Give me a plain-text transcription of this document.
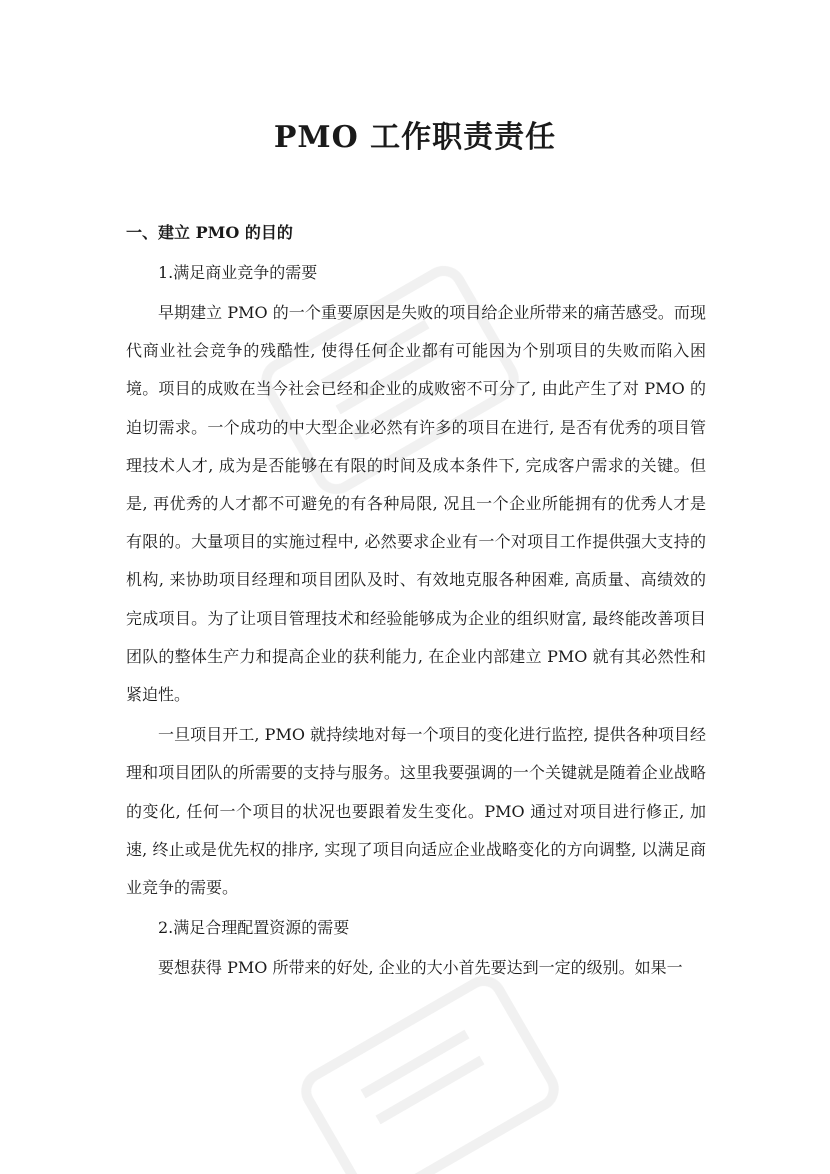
PMO 工作职责责任

一、建立 PMO 的目的

1.满足商业竞争的需要

早期建立 PMO 的一个重要原因是失败的项目给企业所带来的痛苦感受。而现代商业社会竞争的残酷性, 使得任何企业都有可能因为个别项目的失败而陷入困境。项目的成败在当今社会已经和企业的成败密不可分了, 由此产生了对 PMO 的迫切需求。一个成功的中大型企业必然有许多的项目在进行, 是否有优秀的项目管理技术人才, 成为是否能够在有限的时间及成本条件下, 完成客户需求的关键。但是, 再优秀的人才都不可避免的有各种局限, 况且一个企业所能拥有的优秀人才是有限的。大量项目的实施过程中, 必然要求企业有一个对项目工作提供强大支持的机构, 来协助项目经理和项目团队及时、有效地克服各种困难, 高质量、高绩效的完成项目。为了让项目管理技术和经验能够成为企业的组织财富, 最终能改善项目团队的整体生产力和提高企业的获利能力, 在企业内部建立 PMO 就有其必然性和紧迫性。

一旦项目开工, PMO 就持续地对每一个项目的变化进行监控, 提供各种项目经理和项目团队的所需要的支持与服务。这里我要强调的一个关键就是随着企业战略的变化, 任何一个项目的状况也要跟着发生变化。PMO 通过对项目进行修正, 加速, 终止或是优先权的排序, 实现了项目向适应企业战略变化的方向调整, 以满足商业竞争的需要。

2.满足合理配置资源的需要

要想获得 PMO 所带来的好处, 企业的大小首先要达到一定的级别。如果一
